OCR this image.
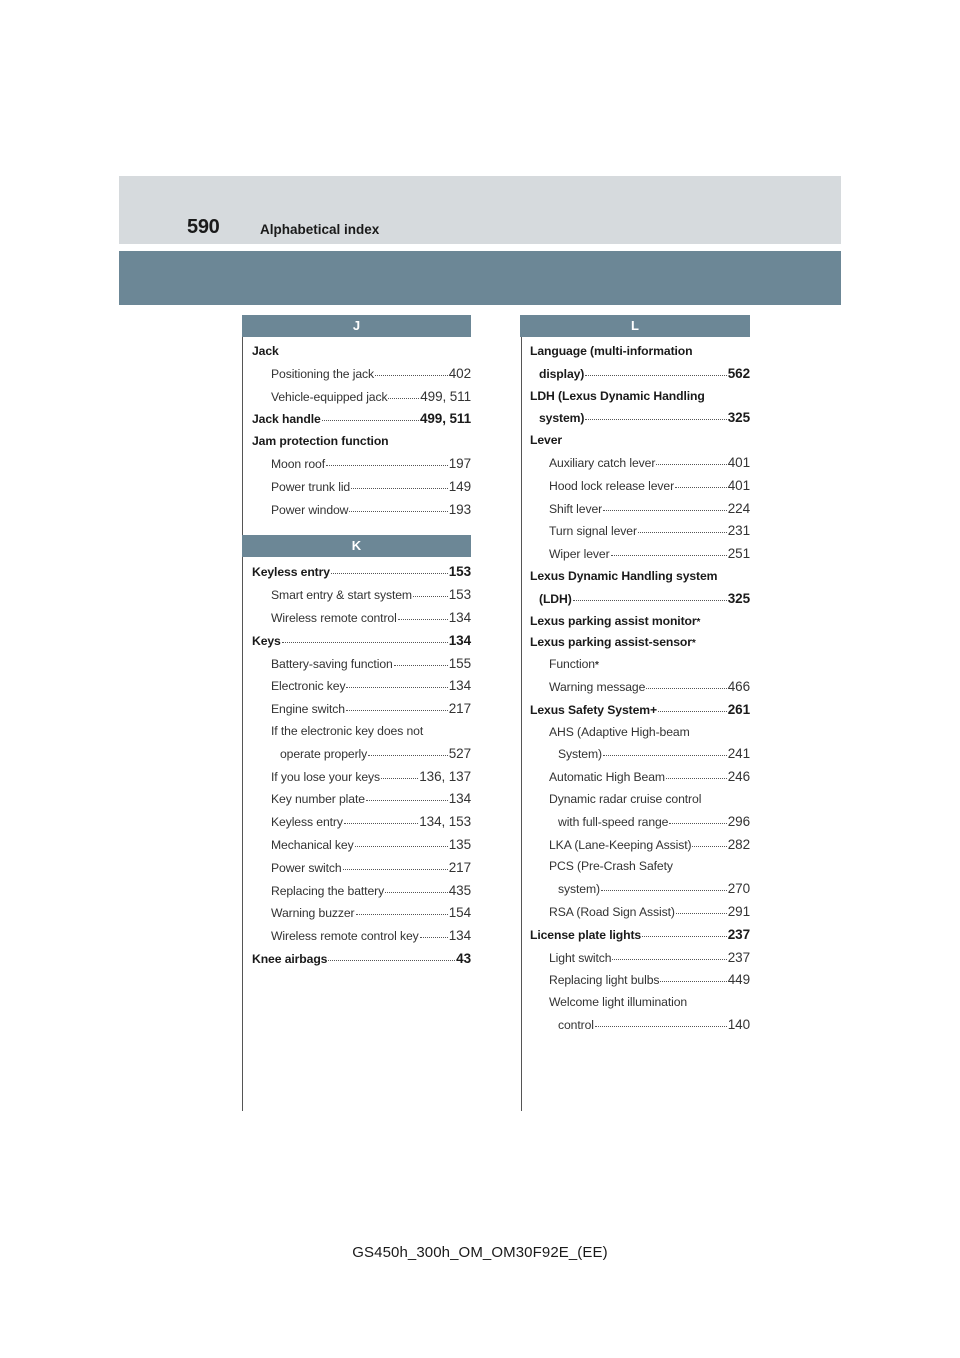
590	Alphabetical index
J
Jack
Positioning the jack	402
Vehicle-equipped jack 499, 511
Jack handle	499, 511
Jam protection function
Moon roof	197
Power trunk lid	149
Power window	193
K
Keyless entry	153
Smart entry & start system	153
Wireless remote control	134
Keys	134
Battery-saving function	155
Electronic key	134
Engine switch	217
If the electronic key does not
operate properly	527
If you lose your keys	136, 137
Key number plate	134
Keyless entry	134, 153
Mechanical key	135
Power switch	217
Replacing the battery	435
Warning buzzer	154
Wireless remote control key 134
Knee airbags	43
L
Language (multi-information
display)	562
LDH (Lexus Dynamic Handling
system)	325
Lever
Auxiliary catch lever	401
Hood lock release lever	401
Shift lever	224
Turn signal lever	231
Wiper lever	251
Lexus Dynamic Handling system
(LDH)	325
Lexus parking assist monitor *
Lexus parking assist-sensor *
Function *
Warning message	466
Lexus Safety System+	261
AHS (Adaptive High-beam
System)	241
Automatic High Beam	246
Dynamic radar cruise control
with full-speed range	296
LKA (Lane-Keeping Assist)	282
PCS (Pre-Crash Safety
system)	270
RSA (Road Sign Assist)	291
License plate lights	237
Light switch	237
Replacing light bulbs	449
Welcome light illumination
control	140
GS450h_300h_OM_OM30F92E_(EE)
